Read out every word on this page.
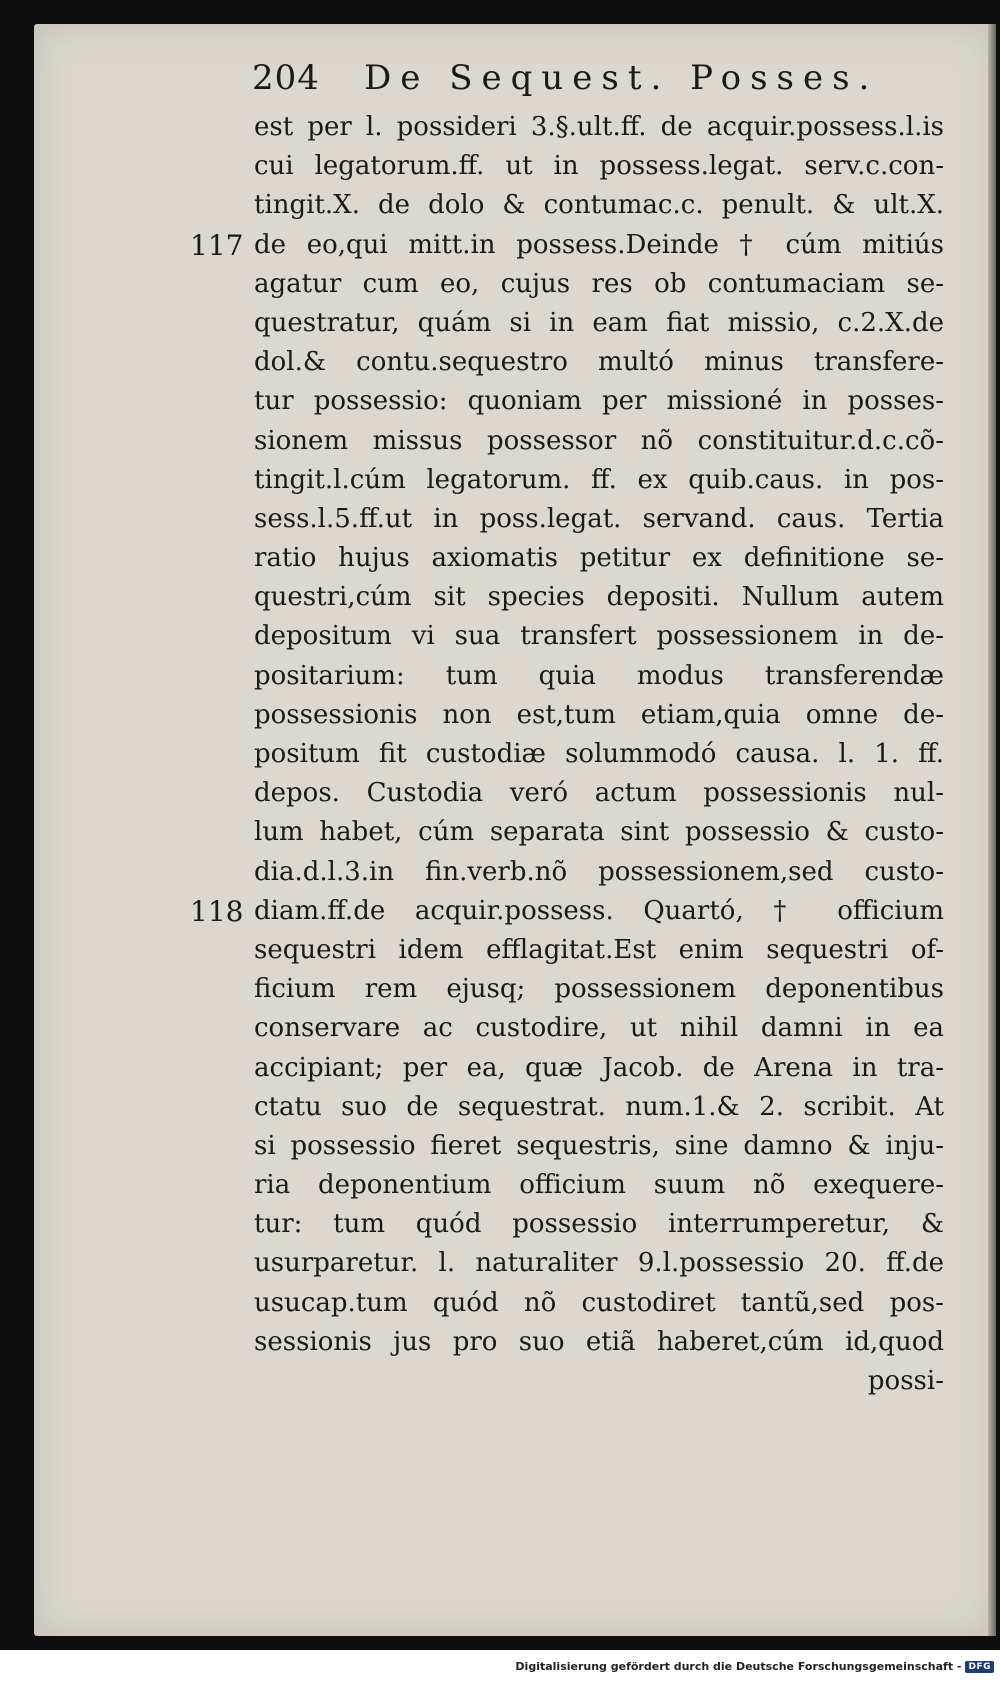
204 De Sequest. Posses.
est per l. possideri 3.§.ult.ff. de acquir.possess.l.is
cui legatorum.ff. ut in possess.legat. serv.c.con-
tingit.X. de dolo & contumac.c. penult. & ult.X.
de eo,qui mitt.in possess.Deinde † cúm mitiús
117
agatur cum eo, cujus res ob contumaciam se-
questratur, quám si in eam fiat missio, c.2.X.de
dol.& contu.sequestro multó minus transfere-
tur possessio: quoniam per missioné in posses-
sionem missus possessor nõ constituitur.d.c.cõ-
tingit.l.cúm legatorum. ff. ex quib.caus. in pos-
sess.l.5.ff.ut in poss.legat. servand. caus. Tertia
ratio hujus axiomatis petitur ex definitione se-
questri,cúm sit species depositi. Nullum autem
depositum vi sua transfert possessionem in de-
positarium: tum quia modus transferendæ
possessionis non est,tum etiam,quia omne de-
positum fit custodiæ solummodó causa. l. 1. ff.
depos. Custodia veró actum possessionis nul-
lum habet, cúm separata sint possessio & custo-
dia.d.l.3.in fin.verb.nõ possessionem,sed custo-
diam.ff.de acquir.possess. Quartó, † officium
118
sequestri idem efflagitat.Est enim sequestri of-
ficium rem ejusq; possessionem deponentibus
conservare ac custodire, ut nihil damni in ea
accipiant; per ea, quæ Jacob. de Arena in tra-
ctatu suo de sequestrat. num.1.& 2. scribit. At
si possessio fieret sequestris, sine damno & inju-
ria deponentium officium suum nõ exequere-
tur: tum quód possessio interrumperetur, &
usurparetur. l. naturaliter 9.l.possessio 20. ff.de
usucap.tum quód nõ custodiret tantũ,sed pos-
sessionis jus pro suo etiã haberet,cúm id,quod
possi-
Digitalisierung gefördert durch die Deutsche Forschungsgemeinschaft - DFG
